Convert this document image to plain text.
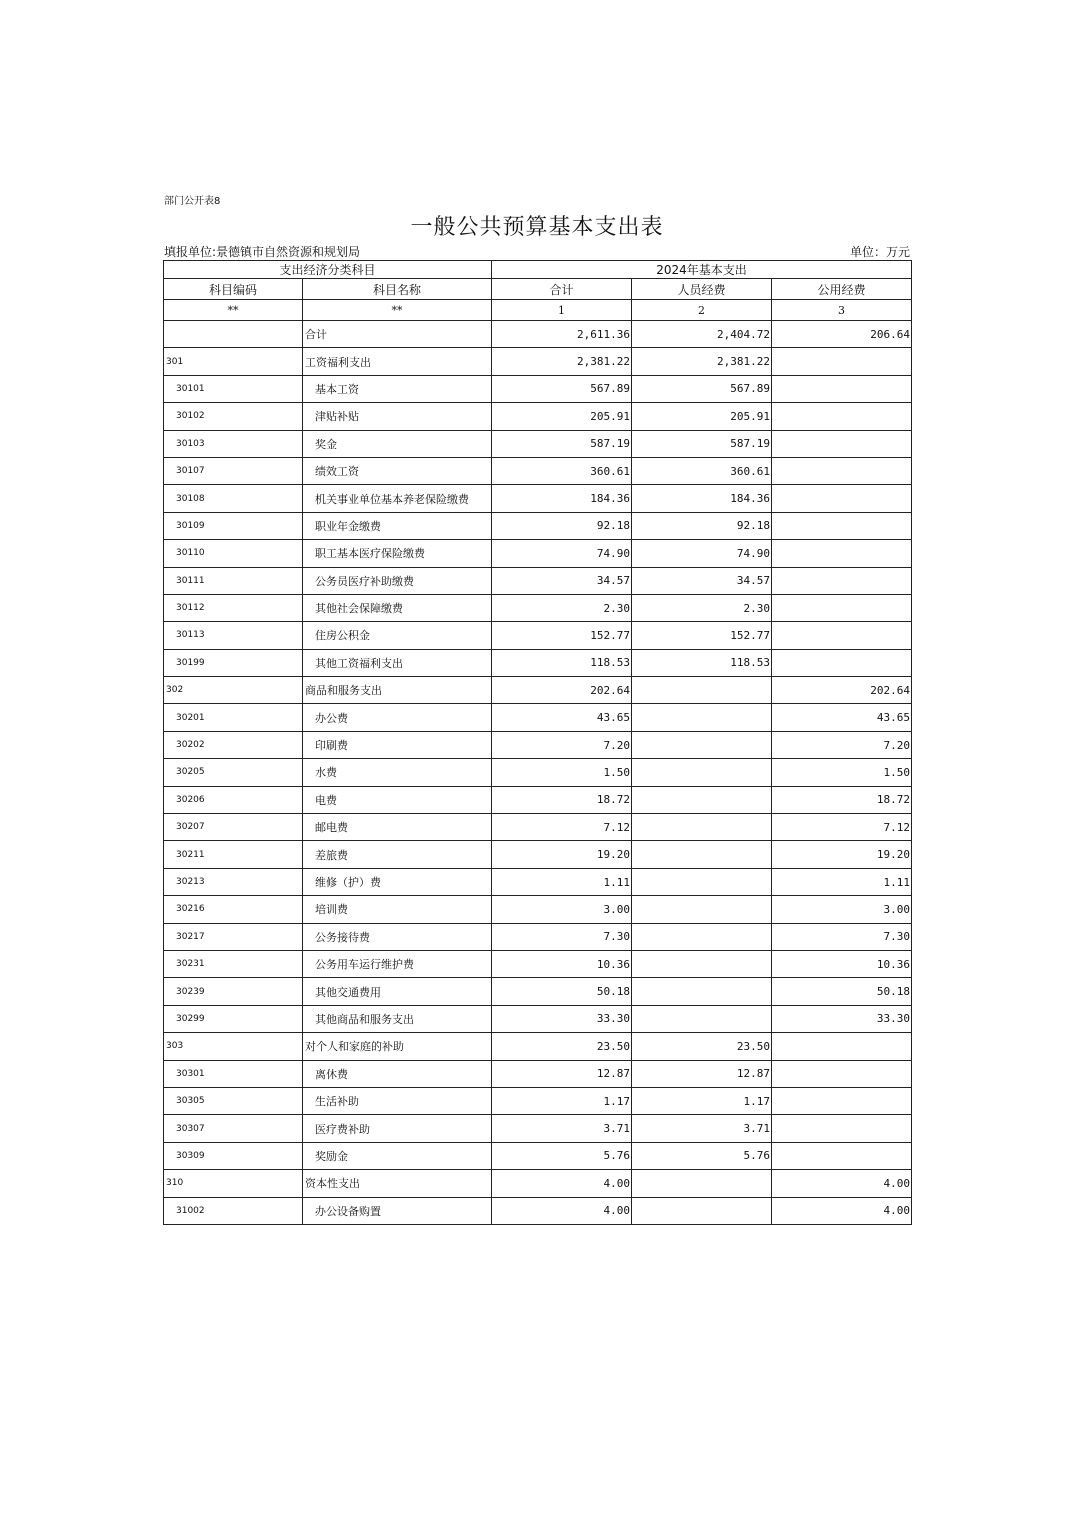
部门公开表8
一般公共预算基本支出表
填报单位:景德镇市自然资源和规划局	单位：万元
支出经济分类科目		2024年基本支出		
科目编码	科目名称	合计	人员经费	公用经费
**	**	1	2	3
	合计	2,611.36	2,404.72	206.64
301	工资福利支出	2,381.22	2,381.22	
30101	基本工资	567.89	567.89	
30102	津贴补贴	205.91	205.91	
30103	奖金	587.19	587.19	
30107	绩效工资	360.61	360.61	
30108	机关事业单位基本养老保险缴费	184.36	184.36	
30109	职业年金缴费	92.18	92.18	
30110	职工基本医疗保险缴费	74.90	74.90	
30111	公务员医疗补助缴费	34.57	34.57	
30112	其他社会保障缴费	2.30	2.30	
30113	住房公积金	152.77	152.77	
30199	其他工资福利支出	118.53	118.53	
302	商品和服务支出	202.64		202.64
30201	办公费	43.65		43.65
30202	印刷费	7.20		7.20
30205	水费	1.50		1.50
30206	电费	18.72		18.72
30207	邮电费	7.12		7.12
30211	差旅费	19.20		19.20
30213	维修（护）费	1.11		1.11
30216	培训费	3.00		3.00
30217	公务接待费	7.30		7.30
30231	公务用车运行维护费	10.36		10.36
30239	其他交通费用	50.18		50.18
30299	其他商品和服务支出	33.30		33.30
303	对个人和家庭的补助	23.50	23.50	
30301	离休费	12.87	12.87	
30305	生活补助	1.17	1.17	
30307	医疗费补助	3.71	3.71	
30309	奖励金	5.76	5.76	
310	资本性支出	4.00		4.00
31002	办公设备购置	4.00		4.00
